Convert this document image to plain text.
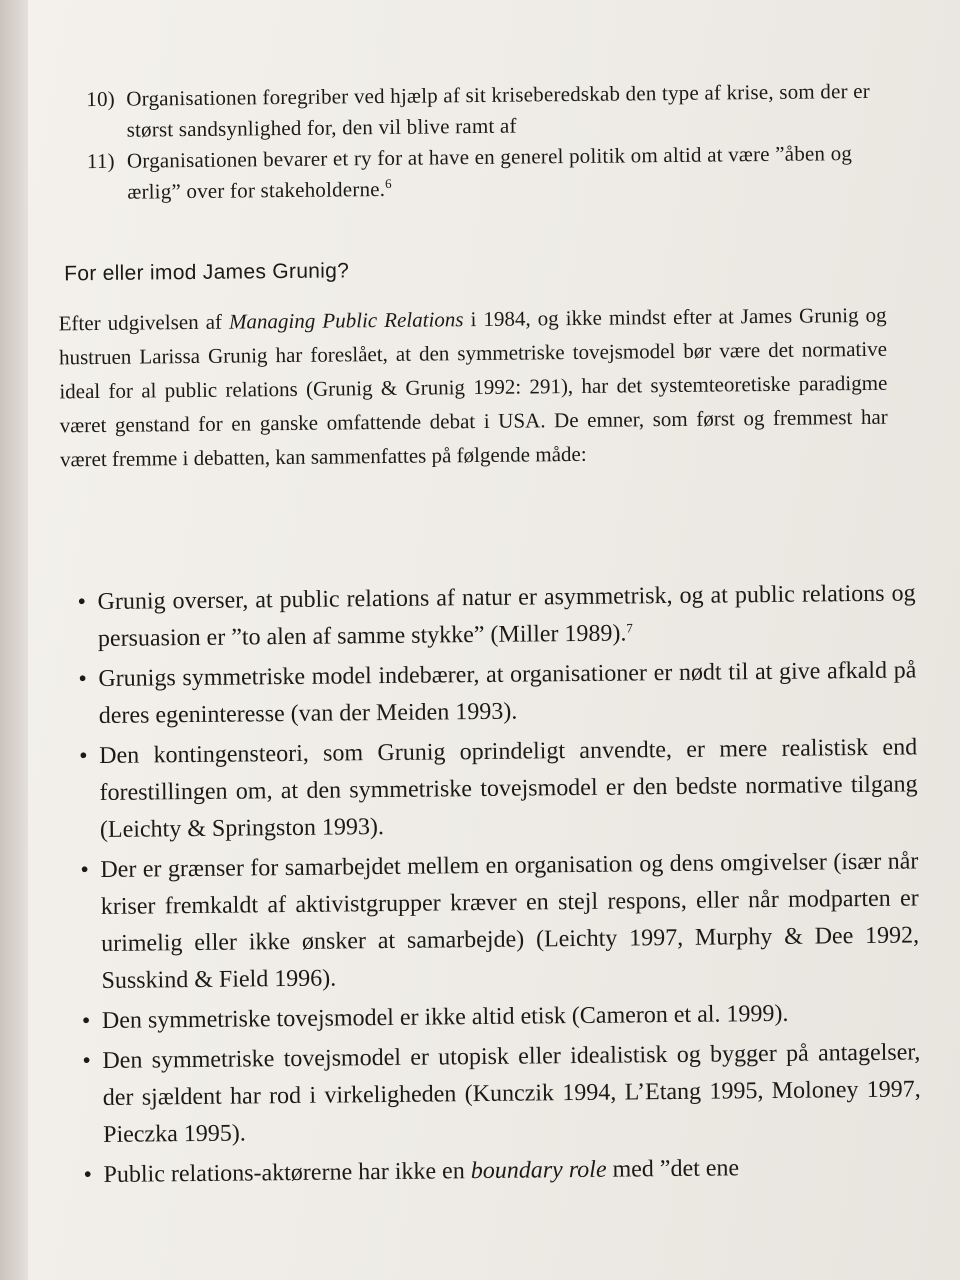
10) Organisationen foregriber ved hjælp af sit kriseberedskab den type af krise, som der er størst sandsynlighed for, den vil blive ramt af
11) Organisationen bevarer et ry for at have en generel politik om altid at være ”åben og ærlig” over for stakeholderne.$^6$
For eller imod James Grunig?

Efter udgivelsen af Managing Public Relations i 1984, og ikke mindst efter at James Grunig og hustruen Larissa Grunig har foreslået, at den symmetriske tovejsmodel bør være det normative ideal for al public relations (Grunig & Grunig 1992: 291), har det systemteoretiske paradigme været genstand for en ganske omfattende debat i USA. De emner, som først og fremmest har været fremme i debatten, kan sammenfattes på følgende måde:

• Grunig overser, at public relations af natur er asymmetrisk, og at public relations og persuasion er ”to alen af samme stykke” (Miller 1989).$^7$
• Grunigs symmetriske model indebærer, at organisationer er nødt til at give afkald på deres egeninteresse (van der Meiden 1993).
• Den kontingensteori, som Grunig oprindeligt anvendte, er mere realistisk end forestillingen om, at den symmetriske tovejsmodel er den bedste normative tilgang (Leichty & Springston 1993).
• Der er grænser for samarbejdet mellem en organisation og dens omgivelser (især når kriser fremkaldt af aktivistgrupper kræver en stejl respons, eller når modparten er urimelig eller ikke ønsker at samarbejde) (Leichty 1997, Murphy & Dee 1992, Susskind & Field 1996).
• Den symmetriske tovejsmodel er ikke altid etisk (Cameron et al. 1999).
• Den symmetriske tovejsmodel er utopisk eller idealistisk og bygger på antagelser, der sjældent har rod i virkeligheden (Kunczik 1994, L’Etang 1995, Moloney 1997, Pieczka 1995).
• Public relations-aktørerne har ikke en boundary role med ”det ene
